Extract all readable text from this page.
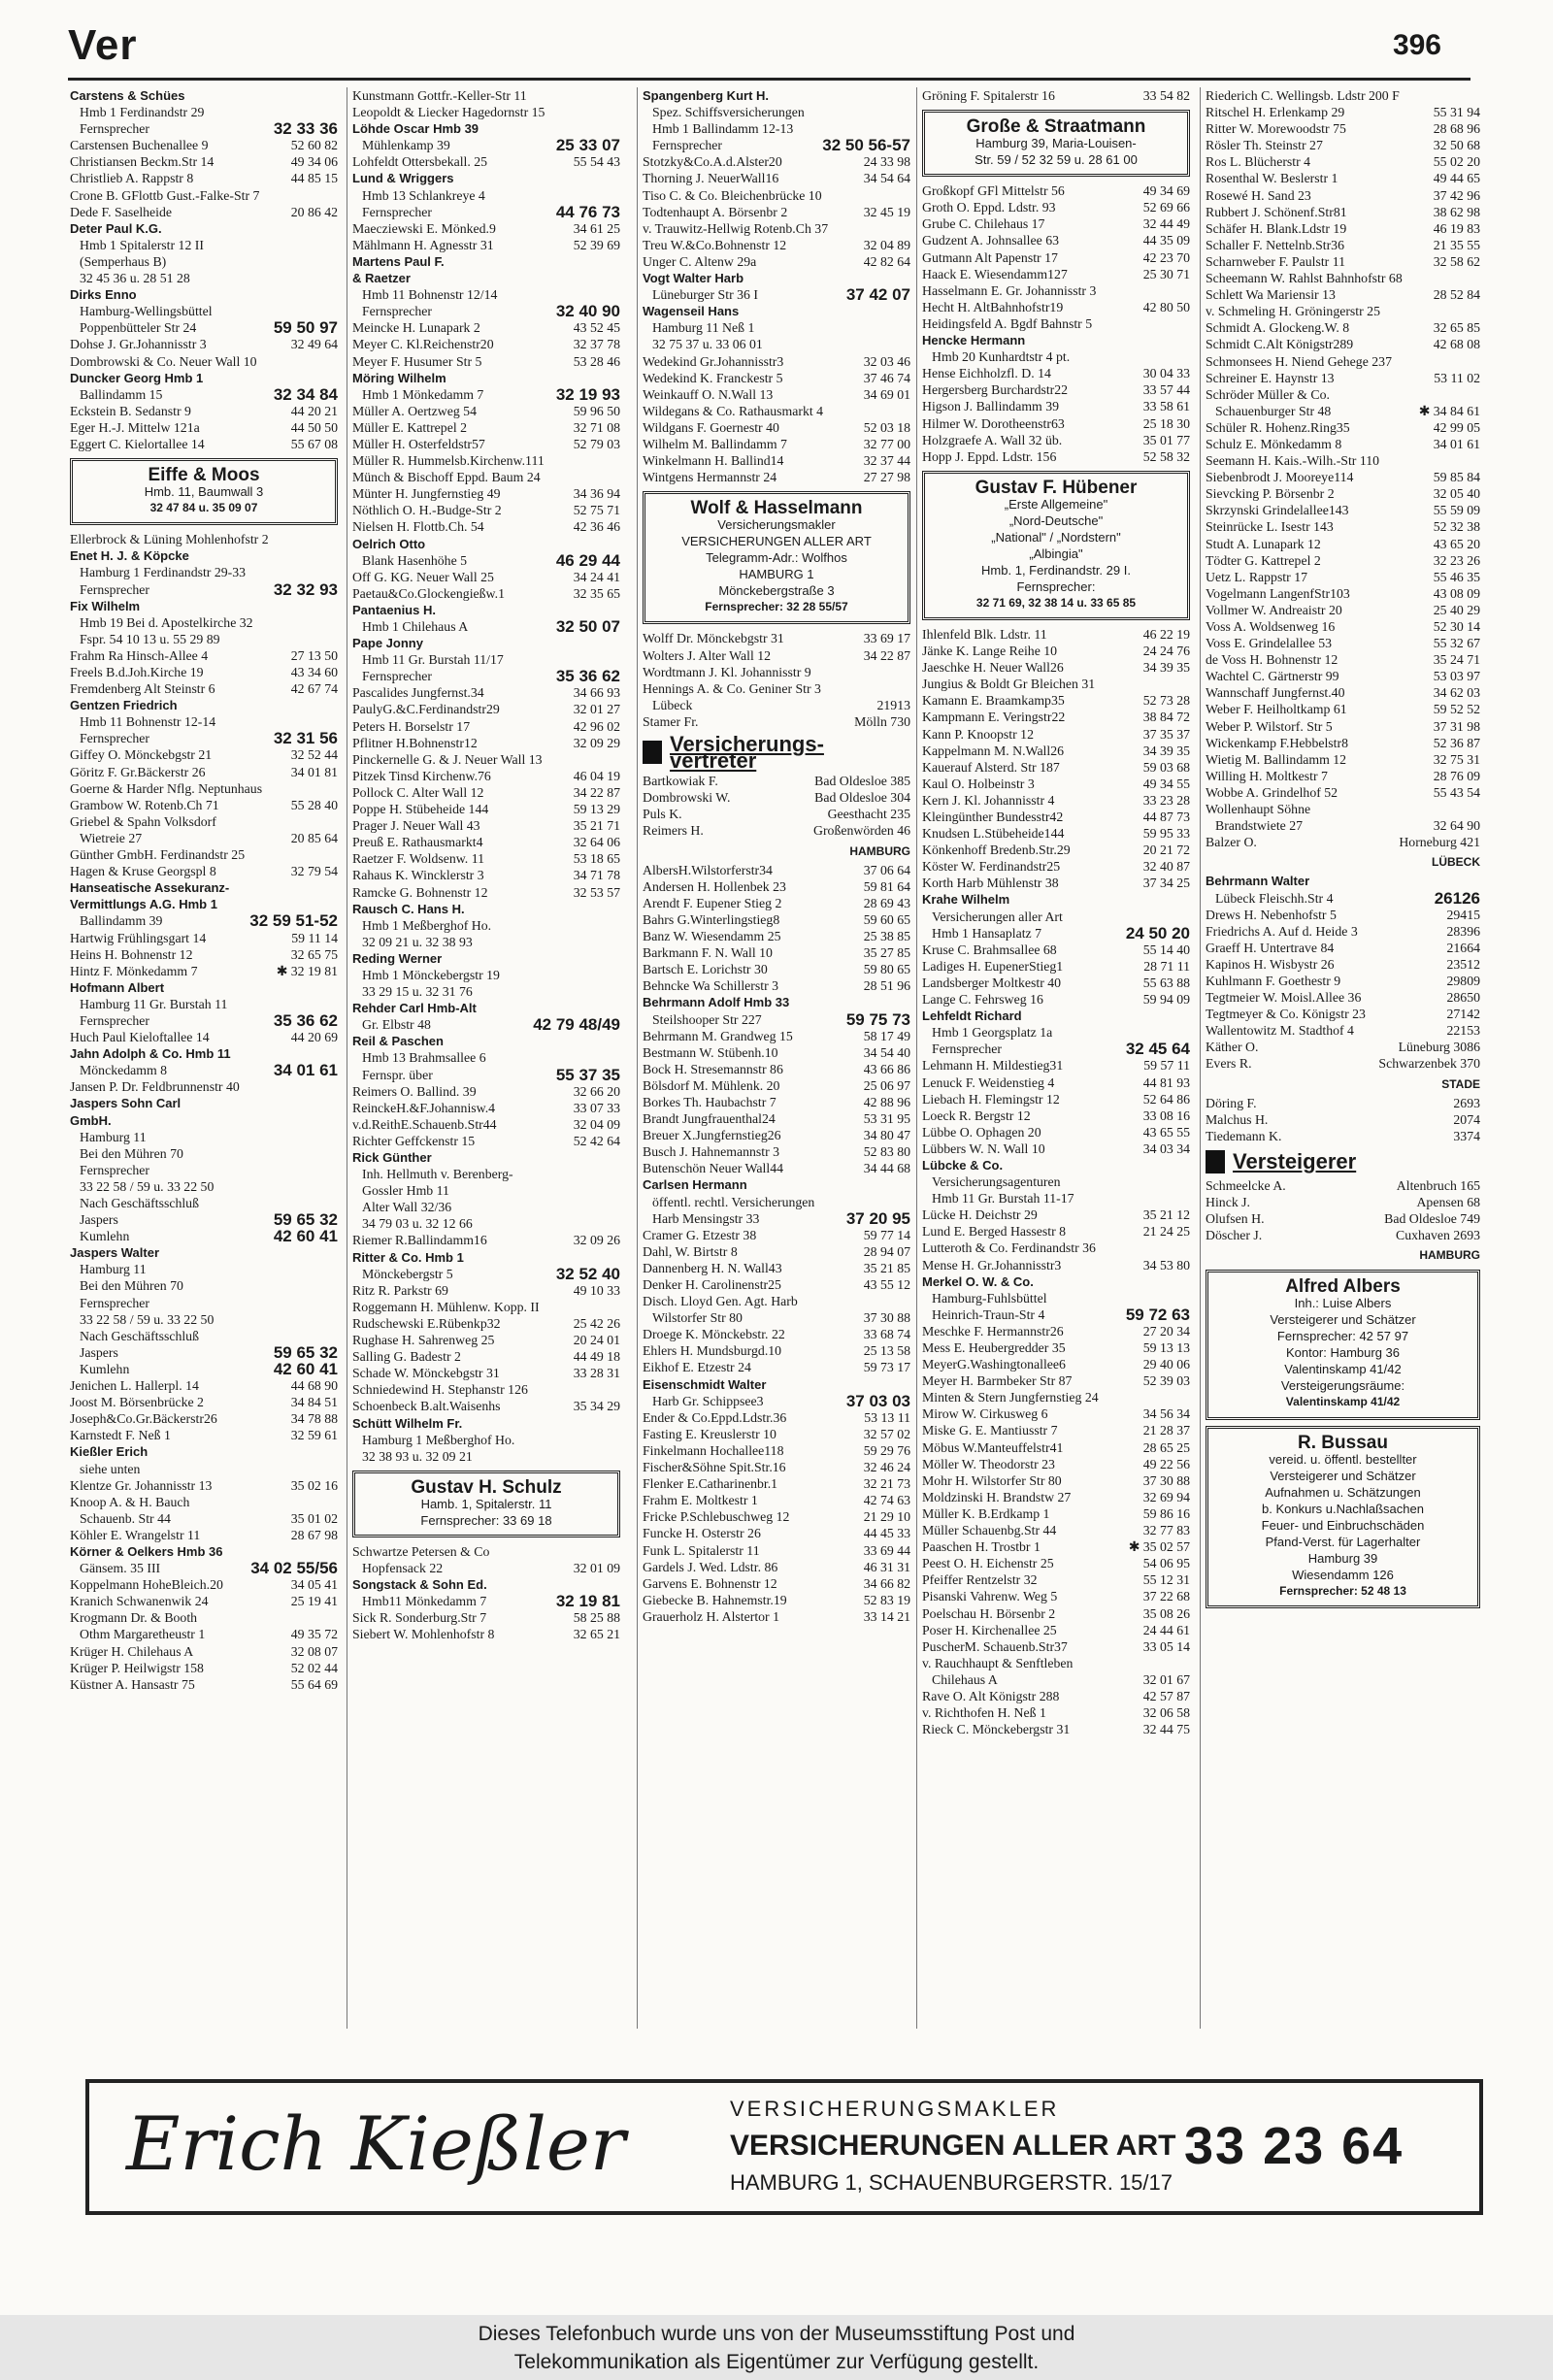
Ver	396
Carstens & Schües
Hmb 1 Ferdinandstr 29
Fernsprecher	32 33 36
Carstensen Buchenallee 9	52 60 82
Christiansen Beckm.Str 14	49 34 06
Christlieb A. Rappstr 8	44 85 15
Crone B. GFlottb Gust.-Falke-Str 7
Dede F. Saselheide	20 86 42
Deter Paul K.G.
Hmb 1 Spitalerstr 12 II
(Semperhaus B)
32 45 36 u. 28 51 28
Dirks Enno
Hamburg-Wellingsbüttel
Poppenbütteler Str 24	59 50 97
Dohse J. Gr.Johannisstr 3	32 49 64
Dombrowski & Co. Neuer Wall 10
Duncker Georg Hmb 1
Ballindamm 15	32 34 84
Eckstein B. Sedanstr 9	44 20 21
Eger H.-J. Mittelw 121a	44 50 50
Eggert C. Kielortallee 14	55 67 08
Eiffe & Moos
Hmb. 11, Baumwall 3
32 47 84 u. 35 09 07
Ellerbrock & Lüning Mohlenhofstr 2
Enet H. J. & Köpcke
Hamburg 1 Ferdinandstr 29-33
Fernsprecher	32 32 93
Fix Wilhelm
Hmb 19 Bei d. Apostelkirche 32
Fspr. 54 10 13 u. 55 29 89
Frahm Ra Hinsch-Allee 4	27 13 50
Freels B.d.Joh.Kirche 19	43 34 60
Fremdenberg Alt Steinstr 6	42 67 74
Gentzen Friedrich
Hmb 11 Bohnenstr 12-14
Fernsprecher	32 31 56
Giffey O. Mönckebgstr 21	32 52 44
Göritz F. Gr.Bäckerstr 26	34 01 81
Goerne & Harder Nflg. Neptunhaus
Grambow W. Rotenb.Ch 71	55 28 40
Griebel & Spahn Volksdorf
Wietreie 27	20 85 64
Günther GmbH. Ferdinandstr 25
Hagen & Kruse Georgspl 8	32 79 54
Hanseatische Assekuranz-
Vermittlungs A.G. Hmb 1
Ballindamm 39	32 59 51-52
Hartwig Frühlingsgart 14	59 11 14
Heins H. Bohnenstr 12	32 65 75
Hintz F. Mönkedamm 7	✱ 32 19 81
Hofmann Albert
Hamburg 11 Gr. Burstah 11
Fernsprecher	35 36 62
Huch Paul Kieloftallee 14	44 20 69
Jahn Adolph & Co. Hmb 11
Mönckedamm 8	34 01 61
Jansen P. Dr. Feldbrunnenstr 40
Jaspers Sohn Carl
GmbH.
Hamburg 11
Bei den Mühren 70
Fernsprecher
33 22 58 / 59 u. 33 22 50
Nach Geschäftsschluß
Jaspers	59 65 32
Kumlehn	42 60 41
Jaspers Walter
Hamburg 11
Bei den Mühren 70
Fernsprecher
33 22 58 / 59 u. 33 22 50
Nach Geschäftsschluß
Jaspers	59 65 32
Kumlehn	42 60 41
Jenichen L. Hallerpl. 14	44 68 90
Joost M. Börsenbrücke 2	34 84 51
Joseph&Co.Gr.Bäckerstr26	34 78 88
Karnstedt F. Neß 1	32 59 61
Kießler Erich
siehe unten
Klentze Gr. Johannisstr 13	35 02 16
Knoop A. & H. Bauch
Schauenb. Str 44	35 01 02
Köhler E. Wrangelstr 11	28 67 98
Körner & Oelkers Hmb 36
Gänsem. 35 III	34 02 55/56
Koppelmann HoheBleich.20	34 05 41
Kranich Schwanenwik 24	25 19 41
Krogmann Dr. & Booth
Othm Margaretheustr 1	49 35 72
Krüger H. Chilehaus A	32 08 07
Krüger P. Heilwigstr 158	52 02 44
Küstner A. Hansastr 75	55 64 69
Kunstmann Gottfr.-Keller-Str 11
Leopoldt & Liecker Hagedornstr 15
Löhde Oscar Hmb 39
Mühlenkamp 39	25 33 07
Lohfeldt Ottersbekall. 25	55 54 43
Lund & Wriggers
Hmb 13 Schlankreye 4
Fernsprecher	44 76 73
Maecziewski E. Mönked.9	34 61 25
Mählmann H. Agnesstr 31	52 39 69
Martens Paul F.
& Raetzer
Hmb 11 Bohnenstr 12/14
Fernsprecher	32 40 90
Meincke H. Lunapark 2	43 52 45
Meyer C. Kl.Reichenstr20	32 37 78
Meyer F. Husumer Str 5	53 28 46
Möring Wilhelm
Hmb 1 Mönkedamm 7	32 19 93
Müller A. Oertzweg 54	59 96 50
Müller E. Kattrepel 2	32 71 08
Müller H. Osterfeldstr57	52 79 03
Müller R. Hummelsb.Kirchenw.111
Münch & Bischoff Eppd. Baum 24
Münter H. Jungfernstieg 49	34 36 94
Nöthlich O. H.-Budge-Str 2	52 75 71
Nielsen H. Flottb.Ch. 54	42 36 46
Oelrich Otto
Blank Hasenhöhe 5	46 29 44
Off G. KG. Neuer Wall 25	34 24 41
Paetau&Co.Glockengießw.1	32 35 65
Pantaenius H.
Hmb 1 Chilehaus A	32 50 07
Pape Jonny
Hmb 11 Gr. Burstah 11/17
Fernsprecher	35 36 62
Pascalides Jungfernst.34	34 66 93
PaulyG.&C.Ferdinandstr29	32 01 27
Peters H. Borselstr 17	42 96 02
Pflitner H.Bohnenstr12	32 09 29
Pinckernelle G. & J. Neuer Wall 13
Pitzek Tinsd Kirchenw.76	46 04 19
Pollock C. Alter Wall 12	34 22 87
Poppe H. Stübeheide 144	59 13 29
Prager J. Neuer Wall 43	35 21 71
Preuß E. Rathausmarkt4	32 64 06
Raetzer F. Woldsenw. 11	53 18 65
Rahaus K. Wincklerstr 3	34 71 78
Ramcke G. Bohnenstr 12	32 53 57
Rausch C. Hans H.
Hmb 1 Meßberghof Ho.
32 09 21 u. 32 38 93
Reding Werner
Hmb 1 Mönckebergstr 19
33 29 15 u. 32 31 76
Rehder Carl Hmb-Alt
Gr. Elbstr 48	42 79 48/49
Reil & Paschen
Hmb 13 Brahmsallee 6
Fernspr. über	55 37 35
Reimers O. Ballind. 39	32 66 20
ReinckeH.&F.Johannisw.4	33 07 33
v.d.ReithE.Schauenb.Str44	32 04 09
Richter Geffckenstr 15	52 42 64
Rick Günther
Inh. Hellmuth v. Berenberg-
Gossler Hmb 11
Alter Wall 32/36
34 79 03 u. 32 12 66
Riemer R.Ballindamm16	32 09 26
Ritter & Co. Hmb 1
Mönckebergstr 5	32 52 40
Ritz R. Parkstr 69	49 10 33
Roggemann H. Mühlenw. Kopp. II
Rudschewski E.Rübenkp32	25 42 26
Rughase H. Sahrenweg 25	20 24 01
Salling G. Badestr 2	44 49 18
Schade W. Mönckebgstr 31	33 28 31
Schniedewind H. Stephanstr 126
Schoenbeck B.alt.Waisenhs	35 34 29
Schütt Wilhelm Fr.
Hamburg 1 Meßberghof Ho.
32 38 93 u. 32 09 21
Gustav H. Schulz
Hamb. 1, Spitalerstr. 11
Fernsprecher: 33 69 18
Schwartze Petersen & Co
Hopfensack 22	32 01 09
Songstack & Sohn Ed.
Hmb11 Mönkedamm 7	32 19 81
Sick R. Sonderburg.Str 7	58 25 88
Siebert W. Mohlenhofstr 8	32 65 21
Spangenberg Kurt H.
Spez. Schiffsversicherungen
Hmb 1 Ballindamm 12-13
Fernsprecher	32 50 56-57
Stotzky&Co.A.d.Alster20	24 33 98
Thorning J. NeuerWall16	34 54 64
Tiso C. & Co. Bleichenbrücke 10
Todtenhaupt A. Börsenbr 2	32 45 19
v. Trauwitz-Hellwig Rotenb.Ch 37
Treu W.&Co.Bohnenstr 12	32 04 89
Unger C. Altenw 29a	42 82 64
Vogt Walter Harb
Lüneburger Str 36 I	37 42 07
Wagenseil Hans
Hamburg 11 Neß 1
32 75 37 u. 33 06 01
Wedekind Gr.Johannisstr3	32 03 46
Wedekind K. Franckestr 5	37 46 74
Weinkauff O. N.Wall 13	34 69 01
Wildegans & Co. Rathausmarkt 4
Wildgans F. Goernestr 40	52 03 18
Wilhelm M. Ballindamm 7	32 77 00
Winkelmann H. Ballind14	32 37 44
Wintgens Hermannstr 24	27 27 98
Wolf & Hasselmann
Versicherungsmakler
VERSICHERUNGEN ALLER ART
Telegramm-Adr.: Wolfhos
HAMBURG 1
Mönckebergstraße 3
Fernsprecher: 32 28 55/57
Wolff Dr. Mönckebgstr 31	33 69 17
Wolters J. Alter Wall 12	34 22 87
Wordtmann J. Kl. Johannisstr 9
Hennings A. & Co. Geniner Str 3
Lübeck	21913
Stamer Fr.	Mölln 730
Versicherungs-vertreter
Bartkowiak F.	Bad Oldesloe 385
Dombrowski W.	Bad Oldesloe 304
Puls K.	Geesthacht 235
Reimers H.	Großenwörden 46
HAMBURG
AlbersH.Wilstorferstr34	37 06 64
Andersen H. Hollenbek 23	59 81 64
Arendt F. Eupener Stieg 2	28 69 43
Bahrs G.Winterlingstieg8	59 60 65
Banz W. Wiesendamm 25	25 38 85
Barkmann F. N. Wall 10	35 27 85
Bartsch E. Lorichstr 30	59 80 65
Behncke Wa Schillerstr 3	28 51 96
Behrmann Adolf Hmb 33
Steilshooper Str 227	59 75 73
Behrmann M. Grandweg 15	58 17 49
Bestmann W. Stübenh.10	34 54 40
Bock H. Stresemannstr 86	43 66 86
Bölsdorf M. Mühlenk. 20	25 06 97
Borkes Th. Haubachstr 7	42 88 96
Brandt Jungfrauenthal24	53 31 95
Breuer X.Jungfernstieg26	34 80 47
Busch J. Hahnemannstr 3	52 83 80
Butenschön Neuer Wall44	34 44 68
Carlsen Hermann
öffentl. rechtl. Versicherungen
Harb Mensingstr 33	37 20 95
Cramer G. Etzestr 38	59 77 14
Dahl, W. Birtstr 8	28 94 07
Dannenberg H. N. Wall43	35 21 85
Denker H. Carolinenstr25	43 55 12
Disch. Lloyd Gen. Agt. Harb
Wilstorfer Str 80	37 30 88
Droege K. Mönckebstr. 22	33 68 74
Ehlers H. Mundsburgd.10	25 13 58
Eikhof E. Etzestr 24	59 73 17
Eisenschmidt Walter
Harb Gr. Schippsee3	37 03 03
Ender & Co.Eppd.Ldstr.36	53 13 11
Fasting E. Kreuslerstr 10	32 57 02
Finkelmann Hochallee118	59 29 76
Fischer&Söhne Spit.Str.16	32 46 24
Flenker E.Catharinenbr.1	32 21 73
Frahm E. Moltkestr 1	42 74 63
Fricke P.Schlebuschweg 12	21 29 10
Funcke H. Osterstr 26	44 45 33
Funk L. Spitalerstr 11	33 69 44
Gardels J. Wed. Ldstr. 86	46 31 31
Garvens E. Bohnenstr 12	34 66 82
Giebecke B. Hahnemstr.19	52 83 19
Grauerholz H. Alstertor 1	33 14 21
Gröning F. Spitalerstr 16	33 54 82
Große & Straatmann
Hamburg 39, Maria-Louisen-
Str. 59 / 52 32 59 u. 28 61 00
Großkopf GFl Mittelstr 56	49 34 69
Groth O. Eppd. Ldstr. 93	52 69 66
Grube C. Chilehaus 17	32 44 49
Gudzent A. Johnsallee 63	44 35 09
Gutmann Alt Papenstr 17	42 23 70
Haack E. Wiesendamm127	25 30 71
Hasselmann E. Gr. Johannisstr 3
Hecht H. AltBahnhofstr19	42 80 50
Heidingsfeld A. Bgdf Bahnstr 5
Hencke Hermann
Hmb 20 Kunhardtstr 4 pt.
Hense Eichholzfl. D. 14	30 04 33
Hergersberg Burchardstr22	33 57 44
Higson J. Ballindamm 39	33 58 61
Hilmer W. Dorotheenstr63	25 18 30
Holzgraefe A. Wall 32 üb.	35 01 77
Hopp J. Eppd. Ldstr. 156	52 58 32
Gustav F. Hübener
„Erste Allgemeine"
„Nord-Deutsche"
„National" / „Nordstern"
„Albingia"
Hmb. 1, Ferdinandstr. 29 I.
Fernsprecher:
32 71 69, 32 38 14 u. 33 65 85
Ihlenfeld Blk. Ldstr. 11	46 22 19
Jänke K. Lange Reihe 10	24 24 76
Jaeschke H. Neuer Wall26	34 39 35
Jungius & Boldt Gr Bleichen 31
Kamann E. Braamkamp35	52 73 28
Kampmann E. Veringstr22	38 84 72
Kann P. Knoopstr 12	37 35 37
Kappelmann M. N.Wall26	34 39 35
Kauerauf Alsterd. Str 187	59 03 68
Kaul O. Holbeinstr 3	49 34 55
Kern J. Kl. Johannisstr 4	33 23 28
Kleingünther Bundesstr42	44 87 73
Knudsen L.Stübeheide144	59 95 33
Könkenhoff Bredenb.Str.29	20 21 72
Köster W. Ferdinandstr25	32 40 87
Korth Harb Mühlenstr 38	37 34 25
Krahe Wilhelm
Versicherungen aller Art
Hmb 1 Hansaplatz 7	24 50 20
Kruse C. Brahmsallee 68	55 14 40
Ladiges H. EupenerStieg1	28 71 11
Landsberger Moltkestr 40	55 63 88
Lange C. Fehrsweg 16	59 94 09
Lehfeldt Richard
Hmb 1 Georgsplatz 1a
Fernsprecher	32 45 64
Lehmann H. Mildestieg31	59 57 11
Lenuck F. Weidenstieg 4	44 81 93
Liebach H. Flemingstr 12	52 64 86
Loeck R. Bergstr 12	33 08 16
Lübbe O. Ophagen 20	43 65 55
Lübbers W. N. Wall 10	34 03 34
Lübcke & Co.
Versicherungsagenturen
Hmb 11 Gr. Burstah 11-17
Lücke H. Deichstr 29	35 21 12
Lund E. Berged Hassestr 8	21 24 25
Lutteroth & Co. Ferdinandstr 36
Mense H. Gr.Johannisstr3	34 53 80
Merkel O. W. & Co.
Hamburg-Fuhlsbüttel
Heinrich-Traun-Str 4	59 72 63
Meschke F. Hermannstr26	27 20 34
Mess E. Heubergredder 35	59 13 13
MeyerG.Washingtonallee6	29 40 06
Meyer H. Barmbeker Str 87	52 39 03
Minten & Stern Jungfernstieg 24
Mirow W. Cirkusweg 6	34 56 34
Miske G. E. Mantiusstr 7	21 28 37
Möbus W.Manteuffelstr41	28 65 25
Möller W. Theodorstr 23	49 22 56
Mohr H. Wilstorfer Str 80	37 30 88
Moldzinski H. Brandstw 27	32 69 94
Müller K. B.Erdkamp 1	59 86 16
Müller Schauenbg.Str 44	32 77 83
Paaschen H. Trostbr 1	✱ 35 02 57
Peest O. H. Eichenstr 25	54 06 95
Pfeiffer Rentzelstr 32	55 12 31
Pisanski Vahrenw. Weg 5	37 22 68
Poelschau H. Börsenbr 2	35 08 26
Poser H. Kirchenallee 25	24 44 61
PuscherM. Schauenb.Str37	33 05 14
v. Rauchhaupt & Senftleben
Chilehaus A	32 01 67
Rave O. Alt Königstr 288	42 57 87
v. Richthofen H. Neß 1	32 06 58
Rieck C. Mönckebergstr 31	32 44 75
Riederich C. Wellingsb. Ldstr 200 F
Ritschel H. Erlenkamp 29	55 31 94
Ritter W. Morewoodstr 75	28 68 96
Rösler Th. Steinstr 27	32 50 68
Ros L. Blücherstr 4	55 02 20
Rosenthal W. Beslerstr 1	49 44 65
Rosewé H. Sand 23	37 42 96
Rubbert J. Schönenf.Str81	38 62 98
Schäfer H. Blank.Ldstr 19	46 19 83
Schaller F. Nettelnb.Str36	21 35 55
Scharnweber F. Paulstr 11	32 58 62
Scheemann W. Rahlst Bahnhofstr 68
Schlett Wa Mariensir 13	28 52 84
v. Schmeling H. Gröningerstr 25
Schmidt A. Glockeng.W. 8	32 65 85
Schmidt C.Alt Königstr289	42 68 08
Schmonsees H. Niend Gehege 237
Schreiner E. Haynstr 13	53 11 02
Schröder Müller & Co.
Schauenburger Str 48	✱ 34 84 61
Schüler R. Hohenz.Ring35	42 99 05
Schulz E. Mönkedamm 8	34 01 61
Seemann H. Kais.-Wilh.-Str 110
Siebenbrodt J. Mooreye114	59 85 84
Sievcking P. Börsenbr 2	32 05 40
Skrzynski Grindelallee143	55 59 09
Steinrücke L. Isestr 143	52 32 38
Studt A. Lunapark 12	43 65 20
Tödter G. Kattrepel 2	32 23 26
Uetz L. Rappstr 17	55 46 35
Vogelmann LangenfStr103	43 08 09
Vollmer W. Andreaistr 20	25 40 29
Voss A. Woldsenweg 16	52 30 14
Voss E. Grindelallee 53	55 32 67
de Voss H. Bohnenstr 12	35 24 71
Wachtel C. Gärtnerstr 99	53 03 97
Wannschaff Jungfernst.40	34 62 03
Weber F. Heilholtkamp 61	59 52 52
Weber P. Wilstorf. Str 5	37 31 98
Wickenkamp F.Hebbelstr8	52 36 87
Wietig M. Ballindamm 12	32 75 31
Willing H. Moltkestr 7	28 76 09
Wobbe A. Grindelhof 52	55 43 54
Wollenhaupt Söhne
Brandstwiete 27	32 64 90
Balzer O.	Horneburg 421
LÜBECK
Behrmann Walter
Lübeck Fleischh.Str 4	26126
Drews H. Nebenhofstr 5	29415
Friedrichs A. Auf d. Heide 3	28396
Graeff H. Untertrave 84	21664
Kapinos H. Wisbystr 26	23512
Kuhlmann F. Goethestr 9	29809
Tegtmeier W. Moisl.Allee 36	28650
Tegtmeyer & Co. Königstr 23	27142
Wallentowitz M. Stadthof 4	22153
Käther O.	Lüneburg 3086
Evers R.	Schwarzenbek 370
STADE
Döring F.	2693
Malchus H.	2074
Tiedemann K.	3374
Versteigerer
Schmeelcke A.	Altenbruch 165
Hinck J.	Apensen 68
Olufsen H.	Bad Oldesloe 749
Döscher J.	Cuxhaven 2693
HAMBURG
Alfred Albers
Inh.: Luise Albers
Versteigerer und Schätzer
Fernsprecher: 42 57 97
Kontor: Hamburg 36
Valentinskamp 41/42
Versteigerungsräume:
Valentinskamp 41/42
R. Bussau
vereid. u. öffentl. bestellter
Versteigerer und Schätzer
Aufnahmen u. Schätzungen
b. Konkurs u.Nachlaßsachen
Feuer- und Einbruchschäden
Pfand-Verst. für Lagerhalter
Hamburg 39
Wiesendamm 126
Fernsprecher: 52 48 13
Erich Kießler	VERSICHERUNGSMAKLER
VERSICHERUNGEN ALLER ART
HAMBURG 1, SCHAUENBURGERSTR. 15/17
33 23 64
Dieses Telefonbuch wurde uns von der Museumsstiftung Post und
Telekommunikation als Eigentümer zur Verfügung gestellt.
